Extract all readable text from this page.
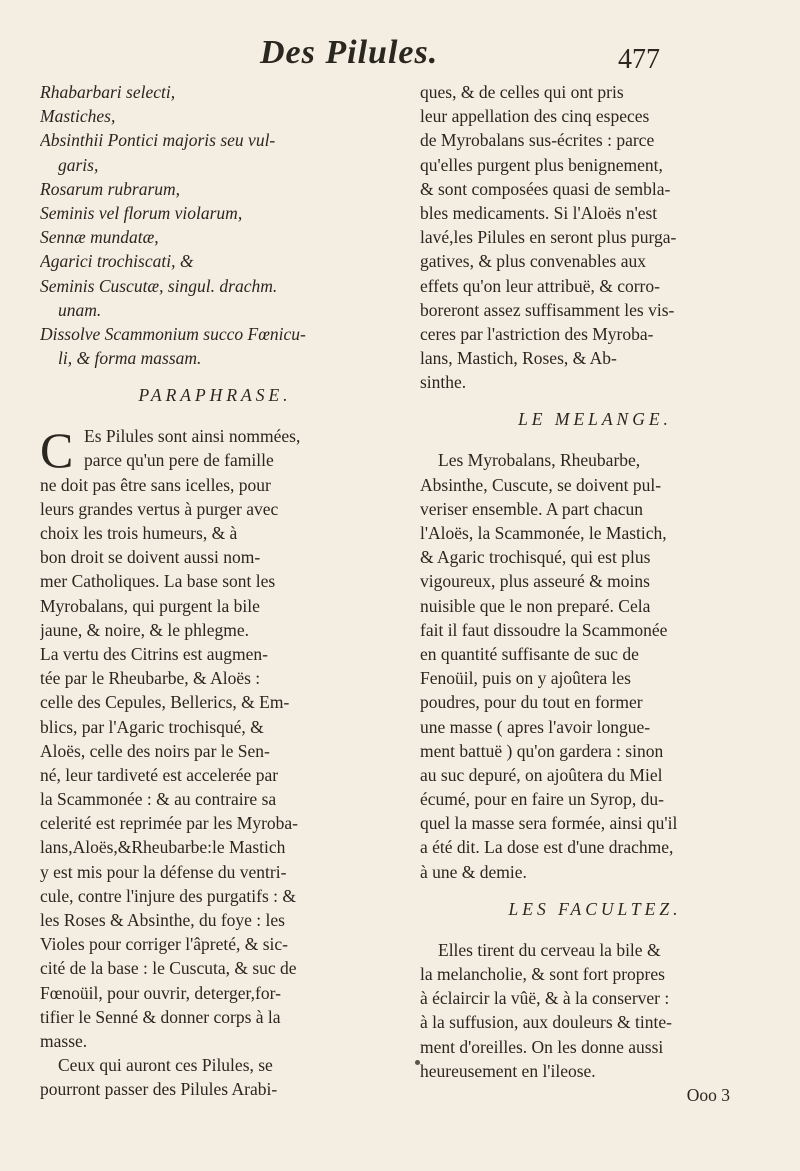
Des Pilules.	477
Rhabarbari selecti,
Mastiches,
Absinthii Pontici majoris seu vul-
garis,
Rosarum rubrarum,
Seminis vel florum violarum,
Sennæ mundatæ,
Agarici trochiscati, &
Seminis Cuscutæ, singul. drachm.
unam.
Dissolve Scammonium succo Fœnicu-
li, & forma massam.
PARAPHRASE.
C Es Pilules sont ainsi nommées,
parce qu'un pere de famille
ne doit pas être sans icelles, pour
leurs grandes vertus à purger avec
choix les trois humeurs, & à
bon droit se doivent aussi nom-
mer Catholiques. La base sont les
Myrobalans, qui purgent la bile
jaune, & noire, & le phlegme.
La vertu des Citrins est augmen-
tée par le Rheubarbe, & Aloës :
celle des Cepules, Bellerics, & Em-
blics, par l'Agaric trochisqué, &
Aloës, celle des noirs par le Sen-
né, leur tardiveté est accelerée par
la Scammonée : & au contraire sa
celerité est reprimée par les Myroba-
lans,Aloës,&Rheubarbe:le Mastich
y est mis pour la défense du ventri-
cule, contre l'injure des purgatifs : &
les Roses & Absinthe, du foye : les
Violes pour corriger l'âpreté, & sic-
cité de la base : le Cuscuta, & suc de
Fœnoüil, pour ouvrir, deterger,for-
tifier le Senné & donner corps à la
masse.
Ceux qui auront ces Pilules, se
pourront passer des Pilules Arabi-
ques, & de celles qui ont pris
leur appellation des cinq especes
de Myrobalans sus-écrites : parce
qu'elles purgent plus benignement,
& sont composées quasi de sembla-
bles medicaments. Si l'Aloës n'est
lavé,les Pilules en seront plus purga-
gatives, & plus convenables aux
effets qu'on leur attribuë, & corro-
boreront assez suffisamment les vis-
ceres par l'astriction des Myroba-
lans, Mastich, Roses, & Ab-
sinthe.
LE MELANGE.
Les Myrobalans, Rheubarbe,
Absinthe, Cuscute, se doivent pul-
veriser ensemble. A part chacun
l'Aloës, la Scammonée, le Mastich,
& Agaric trochisqué, qui est plus
vigoureux, plus asseuré & moins
nuisible que le non preparé. Cela
fait il faut dissoudre la Scammonée
en quantité suffisante de suc de
Fenoüil, puis on y ajoûtera les
poudres, pour du tout en former
une masse ( apres l'avoir longue-
ment battuë ) qu'on gardera : sinon
au suc depuré, on ajoûtera du Miel
écumé, pour en faire un Syrop, du-
quel la masse sera formée, ainsi qu'il
a été dit. La dose est d'une drachme,
à une & demie.
LES FACULTEZ.
Elles tirent du cerveau la bile &
la melancholie, & sont fort propres
à éclaircir la vûë, & à la conserver :
à la suffusion, aux douleurs & tinte-
ment d'oreilles. On les donne aussi
heureusement en l'ileose.
Ooo 3
